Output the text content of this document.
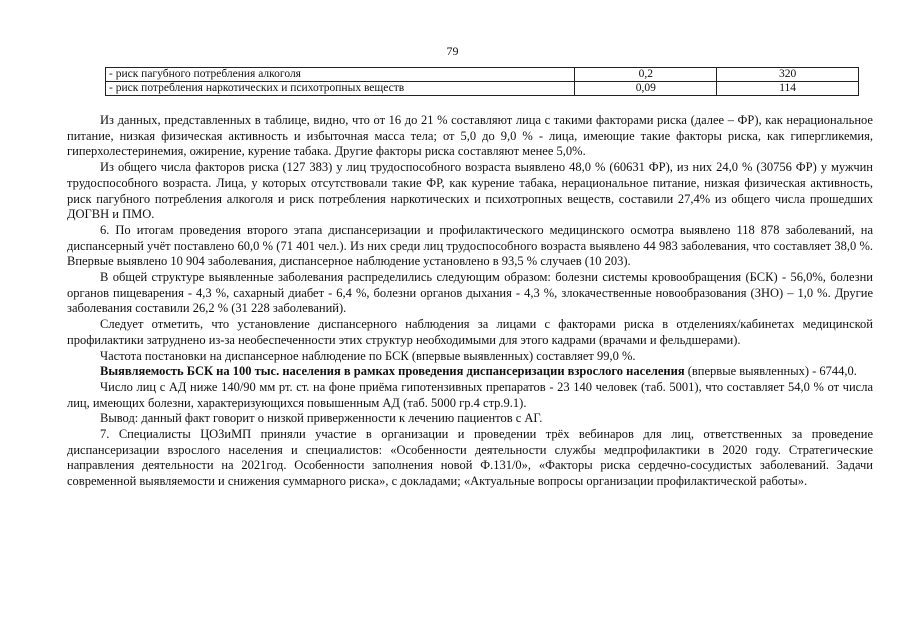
79
- риск пагубного потребления алкоголя	0,2	320
- риск потребления наркотических и психотропных веществ	0,09	114

Из данных, представленных в таблице, видно, что от 16 до 21 % составляют лица с такими факторами риска (далее – ФР), как нерациональное питание, низкая физическая активность и избыточная масса тела; от 5,0 до 9,0 % - лица, имеющие такие факторы риска, как гипергликемия, гиперхолестеринемия, ожирение, курение табака. Другие факторы риска составляют менее 5,0%.

Из общего числа факторов риска (127 383) у лиц трудоспособного возраста выявлено 48,0 % (60631 ФР), из них 24,0 % (30756 ФР) у мужчин трудоспособного возраста. Лица, у которых отсутствовали такие ФР, как курение табака, нерациональное питание, низкая физическая активность, риск пагубного потребления алкоголя и риск потребления наркотических и психотропных веществ, составили 27,4% из общего числа прошедших ДОГВН и ПМО.

6. По итогам проведения второго этапа диспансеризации и профилактического медицинского осмотра выявлено 118 878 заболеваний, на диспансерный учёт поставлено 60,0 % (71 401 чел.). Из них среди лиц трудоспособного возраста выявлено 44 983 заболевания, что составляет 38,0 %. Впервые выявлено 10 904 заболевания, диспансерное наблюдение установлено в 93,5 % случаев (10 203).

В общей структуре выявленные заболевания распределились следующим образом: болезни системы кровообращения (БСК) - 56,0%, болезни органов пищеварения - 4,3 %, сахарный диабет - 6,4 %, болезни органов дыхания - 4,3 %, злокачественные новообразования (ЗНО) – 1,0 %. Другие заболевания составили 26,2 % (31 228 заболеваний).

Следует отметить, что установление диспансерного наблюдения за лицами с факторами риска в отделениях/кабинетах медицинской профилактики затруднено из-за необеспеченности этих структур необходимыми для этого кадрами (врачами и фельдшерами).

Частота постановки на диспансерное наблюдение по БСК (впервые выявленных) составляет 99,0 %.

Выявляемость БСК на 100 тыс. населения в рамках проведения диспансеризации взрослого населения (впервые выявленных) - 6744,0.

Число лиц с АД ниже 140/90 мм рт. ст. на фоне приёма гипотензивных препаратов - 23 140 человек (таб. 5001), что составляет 54,0 % от числа лиц, имеющих болезни, характеризующихся повышенным АД (таб. 5000 гр.4 стр.9.1).

Вывод: данный факт говорит о низкой приверженности к лечению пациентов с АГ.

7. Специалисты ЦОЗиМП приняли участие в организации и проведении трёх вебинаров для лиц, ответственных за проведение диспансеризации взрослого населения и специалистов: «Особенности деятельности службы медпрофилактики в 2020 году. Стратегические направления деятельности на 2021год. Особенности заполнения новой Ф.131/0», «Факторы риска сердечно-сосудистых заболеваний. Задачи современной выявляемости и снижения суммарного риска», с докладами; «Актуальные вопросы организации профилактической работы».
